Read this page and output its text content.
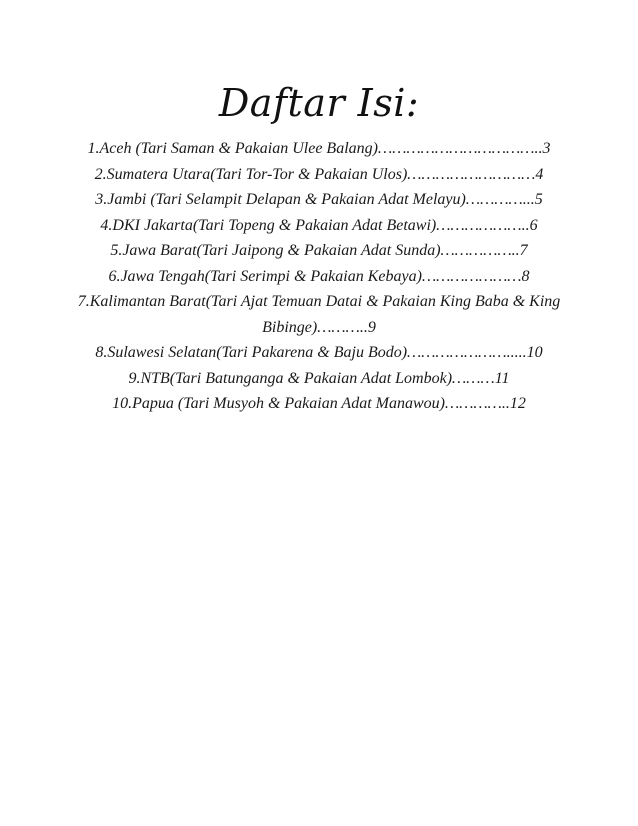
Daftar Isi:
1.Aceh (Tari Saman & Pakaian Ulee Balang)……………………………..3
2.Sumatera Utara(Tari Tor-Tor & Pakaian Ulos)………………………4
3.Jambi (Tari Selampit Delapan & Pakaian Adat Melayu)…………...5
4.DKI Jakarta(Tari Topeng & Pakaian Adat Betawi)………………..6
5.Jawa Barat(Tari Jaipong & Pakaian Adat Sunda)……………..7
6.Jawa Tengah(Tari Serimpi & Pakaian Kebaya)…………………8
7.Kalimantan Barat(Tari Ajat Temuan Datai & Pakaian King Baba & King Bibinge)………..9
8.Sulawesi Selatan(Tari Pakarena & Baju Bodo)………………….....10
9.NTB(Tari Batunganga & Pakaian Adat Lombok)………11
10.Papua (Tari Musyoh & Pakaian Adat Manawou)…………..12
